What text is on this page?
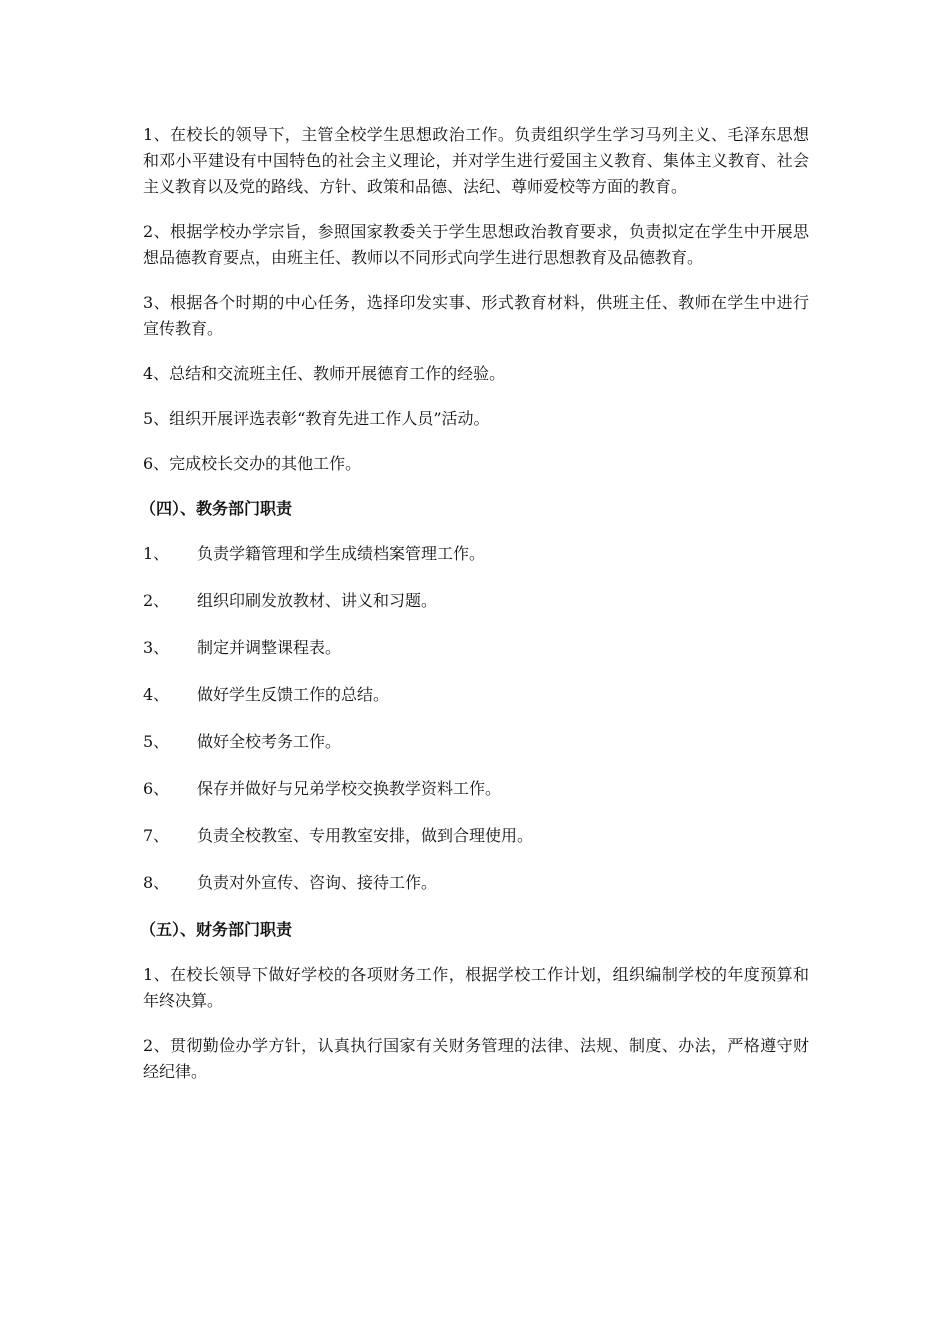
1、在校长的领导下，主管全校学生思想政治工作。负责组织学生学习马列主义、毛泽东思想和邓小平建设有中国特色的社会主义理论，并对学生进行爱国主义教育、集体主义教育、社会主义教育以及党的路线、方针、政策和品德、法纪、尊师爱校等方面的教育。

2、根据学校办学宗旨，参照国家教委关于学生思想政治教育要求，负责拟定在学生中开展思想品德教育要点，由班主任、教师以不同形式向学生进行思想教育及品德教育。

3、根据各个时期的中心任务，选择印发实事、形式教育材料，供班主任、教师在学生中进行宣传教育。

4、总结和交流班主任、教师开展德育工作的经验。

5、组织开展评选表彰“教育先进工作人员”活动。

6、完成校长交办的其他工作。

（四）、教务部门职责

1、	负责学籍管理和学生成绩档案管理工作。
2、	组织印刷发放教材、讲义和习题。
3、	制定并调整课程表。
4、	做好学生反馈工作的总结。
5、	做好全校考务工作。
6、	保存并做好与兄弟学校交换教学资料工作。
7、	负责全校教室、专用教室安排，做到合理使用。
8、	负责对外宣传、咨询、接待工作。

（五）、财务部门职责

1、在校长领导下做好学校的各项财务工作，根据学校工作计划，组织编制学校的年度预算和年终决算。

2、贯彻勤俭办学方针，认真执行国家有关财务管理的法律、法规、制度、办法，严格遵守财经纪律。
